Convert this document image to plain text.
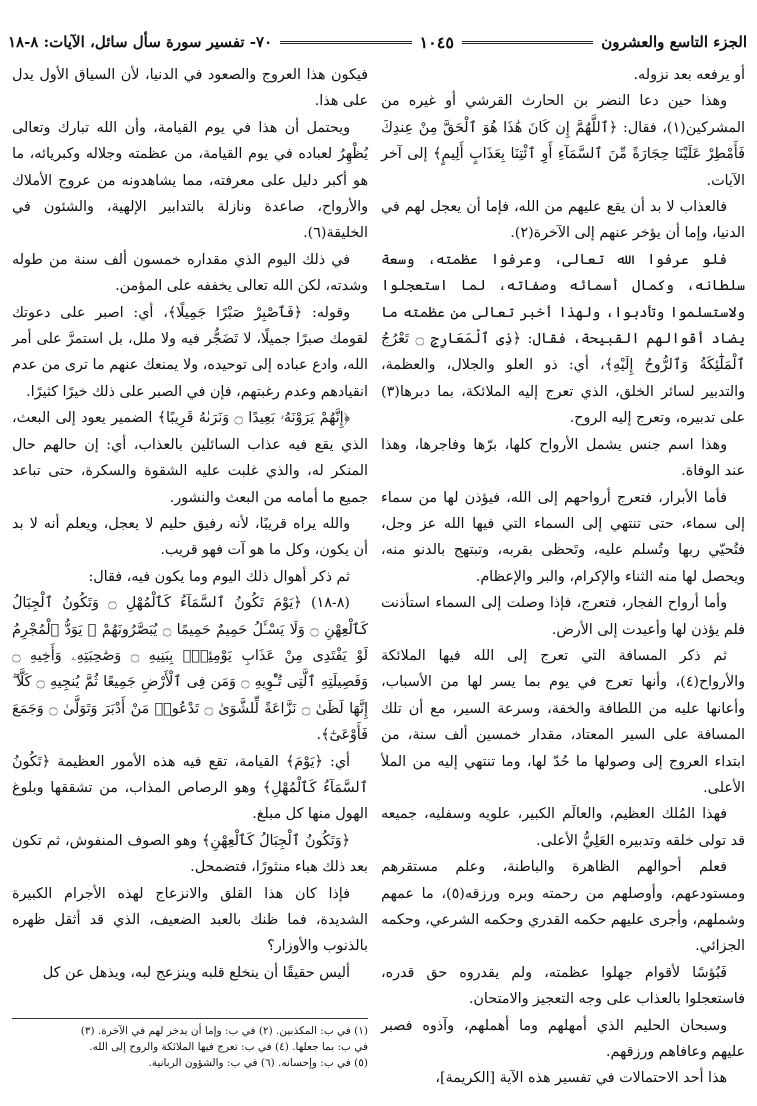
الجزء التاسع والعشرون
١٠٤٥
٧٠- تفسير سورة سأل سائل، الآيات: ٨-١٨

أو يرفعه بعد نزوله.

وهذا حين دعا النضر بن الحارث القرشي أو غيره من المشركين(١)، فقال: ﴿ٱللَّهُمَّ إِن كَانَ هَٰذَا هُوَ ٱلْحَقَّ مِنْ عِندِكَ فَأَمْطِرْ عَلَيْنَا حِجَارَةً مِّنَ ٱلسَّمَآءِ أَوِ ٱئْتِنَا بِعَذَابٍ أَلِيمٍ﴾ إلى آخر الآيات.

فالعذاب لا بد أن يقع عليهم من الله، فإما أن يعجل لهم في الدنيا، وإما أن يؤخر عنهم إلى الآخرة(٢).

فلو عرفوا الله تعالى، وعرفوا عظمته، وسعة سلطانه، وكمال أسمائه وصفاته، لما استعجلوا ولاستسلموا وتأدبوا، ولهذا أخبر تعالى من عظمته ما يضاد أقوالهم القبيحة، فقال: ﴿ذِى ٱلْمَعَارِجِ ۝ تَعْرُجُ ٱلْمَلَٰٓئِكَةُ وَٱلرُّوحُ إِلَيْهِ﴾، أي: ذو العلو والجلال، والعظمة، والتدبير لسائر الخلق، الذي تعرج إليه الملائكة، بما دبرها(٣) على تدبيره، وتعرج إليه الروح.

وهذا اسم جنس يشمل الأرواح كلها، برّها وفاجرها، وهذا عند الوفاة.

فأما الأبرار، فتعرج أرواحهم إلى الله، فيؤذن لها من سماء إلى سماء، حتى تنتهي إلى السماء التي فيها الله عز وجل، فتُحيّي ربها وتُسلم عليه، وتَحظى بقربه، وتبتهج بالدنو منه، ويحصل لها منه الثناء والإكرام، والبر والإعظام.

وأما أرواح الفجار، فتعرج، فإذا وصلت إلى السماء استأذنت فلم يؤذن لها وأعيدت إلى الأرض.

ثم ذكر المسافة التي تعرج إلى الله فيها الملائكة والأرواح(٤)، وأنها تعرج في يوم بما يسر لها من الأسباب، وأعانها عليه من اللطافة والخفة، وسرعة السير، مع أن تلك المسافة على السير المعتاد، مقدار خمسين ألف سنة، من ابتداء العروج إلى وصولها ما حُدّ لها، وما تنتهي إليه من الملأ الأعلى.

فهذا المُلك العظيم، والعالَم الكبير، علويه وسفليه، جميعه قد تولى خلقه وتدبيره العَلِيُّ الأعلى.

فعلم أحوالهم الظاهرة والباطنة، وعلم مستقرهم ومستودعهم، وأوصلهم من رحمته وبره ورزقه(٥)، ما عمهم وشملهم، وأجرى عليهم حكمه القدري وحكمه الشرعي، وحكمه الجزائي.

فَبُؤسًا لأقوام جهلوا عظمته، ولم يقدروه حق قدره، فاستعجلوا بالعذاب على وجه التعجيز والامتحان.

وسبحان الحليم الذي أمهلهم وما أهملهم، وآذوه فصبر عليهم وعافاهم ورزقهم.

هذا أحد الاحتمالات في تفسير هذه الآية [الكريمة]،

فيكون هذا العروج والصعود في الدنيا، لأن السياق الأول يدل على هذا.

ويحتمل أن هذا في يوم القيامة، وأن الله تبارك وتعالى يُظْهِرُ لعباده في يوم القيامة، من عظمته وجلاله وكبريائه، ما هو أكبر دليل على معرفته، مما يشاهدونه من عروج الأملاك والأرواح، صاعدة ونازلة بالتدابير الإلهية، والشئون في الخليقة(٦).

في ذلك اليوم الذي مقداره خمسون ألف سنة من طوله وشدته، لكن الله تعالى يخففه على المؤمن.

وقوله: ﴿فَٱصْبِرْ صَبْرًا جَمِيلًا﴾، أي: اصبر على دعوتك لقومك صبرًا جميلًا، لا تَضَجُّر فيه ولا ملل، بل استمرَّ على أمر الله، وادع عباده إلى توحيده، ولا يمنعك عنهم ما ترى من عدم انقيادهم وعدم رغبتهم، فإن في الصبر على ذلك خيرًا كثيرًا.

﴿إِنَّهُمْ يَرَوْنَهُۥ بَعِيدًا ۝ وَنَرَىٰهُ قَرِيبًا﴾ الضمير يعود إلى البعث، الذي يقع فيه عذاب السائلين بالعذاب، أي: إن حالهم حال المنكر له، والذي غلبت عليه الشقوة والسكرة، حتى تباعد جميع ما أمامه من البعث والنشور.

والله يراه قريبًا، لأنه رفيق حليم لا يعجل، ويعلم أنه لا بد أن يكون، وكل ما هو آت فهو قريب.

ثم ذكر أهوال ذلك اليوم وما يكون فيه، فقال:

(٨-١٨) ﴿يَوْمَ تَكُونُ ٱلسَّمَآءُ كَٱلْمُهْلِ ۝ وَتَكُونُ ٱلْجِبَالُ كَٱلْعِهْنِ ۝ وَلَا يَسْـَٔلُ حَمِيمٌ حَمِيمًا ۝ يُبَصَّرُونَهُمْ ۚ يَوَدُّ ٱلْمُجْرِمُ لَوْ يَفْتَدِى مِنْ عَذَابِ يَوْمِئِذٍۭ بِبَنِيهِ ۝ وَصَٰحِبَتِهِۦ وَأَخِيهِ ۝ وَفَصِيلَتِهِ ٱلَّتِى تُـْٔوِيهِ ۝ وَمَن فِى ٱلْأَرْضِ جَمِيعًا ثُمَّ يُنجِيهِ ۝ كَلَّآ ۖ إِنَّهَا لَظَىٰ ۝ نَزَّاعَةً لِّلشَّوَىٰ ۝ تَدْعُوا۟ مَنْ أَدْبَرَ وَتَوَلَّىٰ ۝ وَجَمَعَ فَأَوْعَىٰٓ﴾.

أي: ﴿يَوْمَ﴾ القيامة، تقع فيه هذه الأمور العظيمة ﴿تَكُونُ ٱلسَّمَآءُ كَٱلْمُهْلِ﴾ وهو الرصاص المذاب، من تشققها وبلوغ الهول منها كل مبلغ.

﴿وَتَكُونُ ٱلْجِبَالُ كَٱلْعِهْنِ﴾ وهو الصوف المنفوش، ثم تكون بعد ذلك هباء منثورًا، فتضمحل.

فإذا كان هذا القلق والانزعاج لهذه الأجرام الكبيرة الشديدة، فما ظنك بالعبد الضعيف، الذي قد أثقل ظهره بالذنوب والأوزار؟

أليس حقيقًا أن ينخلع قلبه وينزعج لبه، ويذهل عن كل

(١) في ب: المكذبين. (٢) في ب: وإما أن يدخر لهم في الآخرة. (٣)
في ب: بما جعلها. (٤) في ب: تعرج فيها الملائكة والروح إلى الله.
(٥) في ب: وإحسانه. (٦) في ب: والشؤون الربانية.
